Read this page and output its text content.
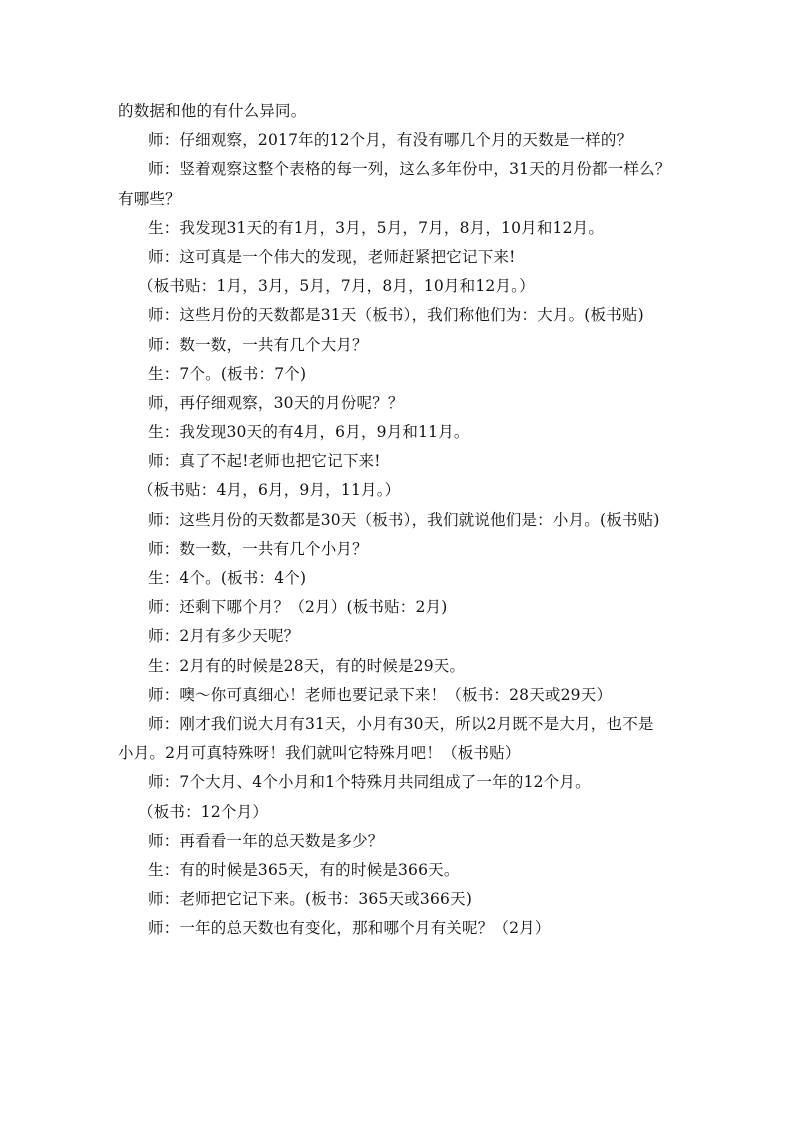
的数据和他的有什么异同。
师：仔细观察，2017年的12个月，有没有哪几个月的天数是一样的？
师：竖着观察这整个表格的每一列，这么多年份中，31天的月份都一样么？
有哪些？
生：我发现31天的有1月，3月，5月，7月，8月，10月和12月。
师：这可真是一个伟大的发现，老师赶紧把它记下来!
（板书贴：1月，3月，5月，7月，8月，10月和12月。）
师：这些月份的天数都是31天（板书），我们称他们为：大月。(板书贴)
师：数一数，一共有几个大月？
生：7个。(板书：7个)
师，再仔细观察，30天的月份呢？？
生：我发现30天的有4月，6月，9月和11月。
师：真了不起!老师也把它记下来!
（板书贴：4月，6月，9月，11月。）
师：这些月份的天数都是30天（板书），我们就说他们是：小月。(板书贴)
师：数一数，一共有几个小月？
生：4个。(板书：4个)
师：还剩下哪个月？（2月）(板书贴：2月)
师：2月有多少天呢？
生：2月有的时候是28天，有的时候是29天。
师：噢～你可真细心！老师也要记录下来！（板书：28天或29天）
师：刚才我们说大月有31天，小月有30天，所以2月既不是大月，也不是
小月。2月可真特殊呀！我们就叫它特殊月吧！（板书贴）
师：7个大月、4个小月和1个特殊月共同组成了一年的12个月。
（板书：12个月）
师：再看看一年的总天数是多少？
生：有的时候是365天，有的时候是366天。
师：老师把它记下来。(板书：365天或366天)
师：一年的总天数也有变化，那和哪个月有关呢？（2月）
